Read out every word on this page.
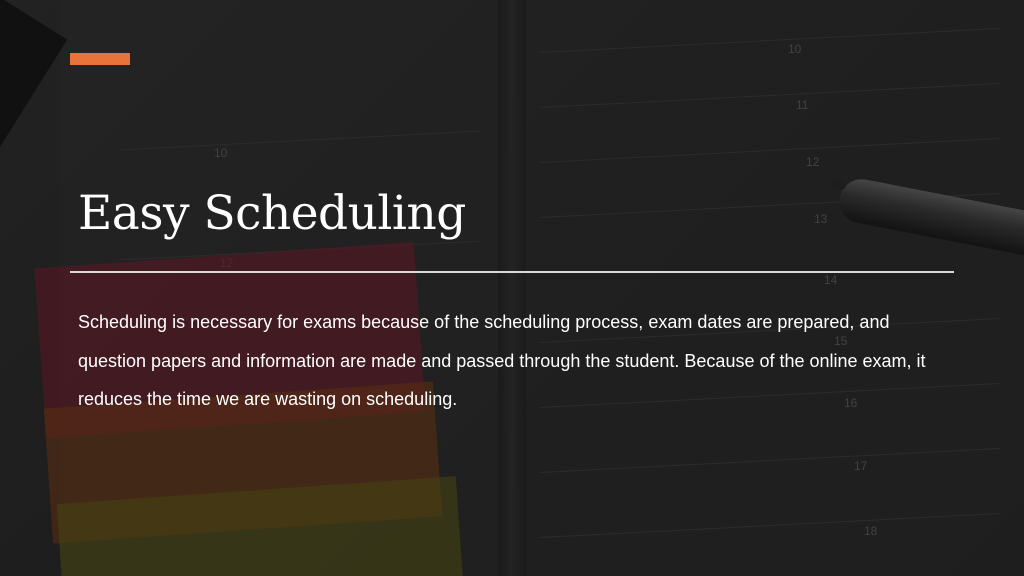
10
11
12
13
14
15
16
17
18
10
Easy Scheduling

Scheduling is necessary for exams because of the scheduling process, exam dates are prepared, and question papers and information are made and passed through the student. Because of the online exam, it reduces the time we are wasting on scheduling.
